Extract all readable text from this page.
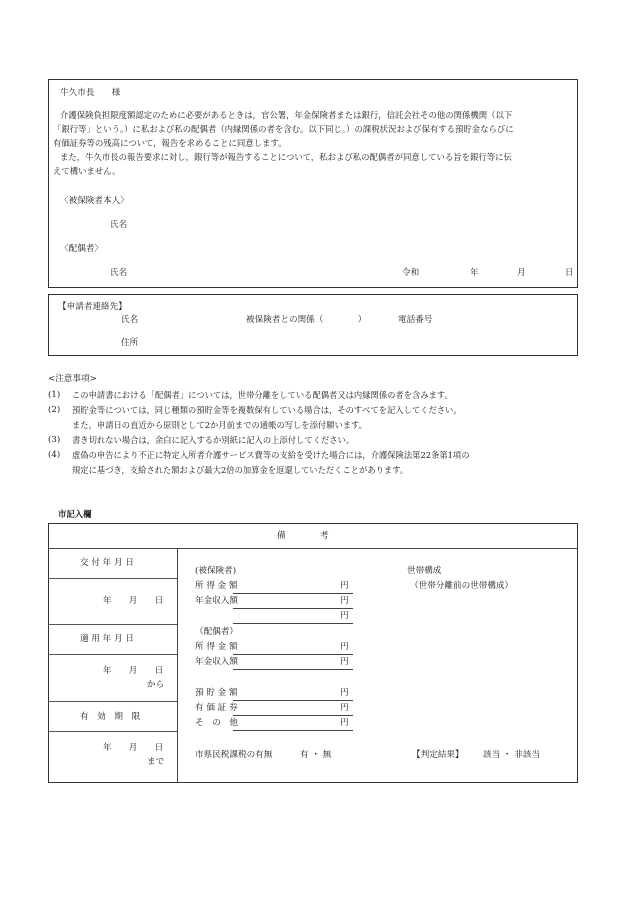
牛久市長　　様
介護保険負担限度額認定のために必要があるときは，官公署，年金保険者または銀行，信託会社その他の関係機関（以下
「銀行等」という。）に私および私の配偶者（内縁関係の者を含む。以下同じ。）の課税状況および保有する預貯金ならびに
有価証券等の残高について，報告を求めることに同意します。
また，牛久市長の報告要求に対し，銀行等が報告することについて，私および私の配偶者が同意している旨を銀行等に伝
えて構いません。
〈被保険者本人〉
氏名
〈配偶者〉
氏名	令和	年	月	日
【申請者連絡先】
氏名	被保険者との関係（　　　　）	電話番号
住所
<注意事項>
(1) この申請書における「配偶者」については，世帯分離をしている配偶者又は内縁関係の者を含みます。
(2) 預貯金等については，同じ種類の預貯金等を複数保有している場合は，そのすべてを記入してください。
また，申請日の直近から原則として2か月前までの通帳の写しを添付願います。
(3) 書き切れない場合は，余白に記入するか別紙に記入の上添付してください。
(4) 虚偽の申告により不正に特定入所者介護サービス費等の支給を受けた場合には，介護保険法第22条第1項の
規定に基づき，支給された額および最大2倍の加算金を返還していただくことがあります。
市記入欄
備　　　　考
交 付 年 月 日
年　　月　　日
適 用 年 月 日
年　　月　　日
から
有　効　期　限
年　　月　　日
まで
(被保険者)
所 得 金 額	円
年金収入額	円
円
（配偶者）
所 得 金 額	円
年金収入額	円
預 貯 金 額	円
有 価 証 券	円
そ　の　他	円
世帯構成
（世帯分離前の世帯構成）
市県民税課税の有無	有 ・ 無	【判定結果】 該当 ・ 非該当
